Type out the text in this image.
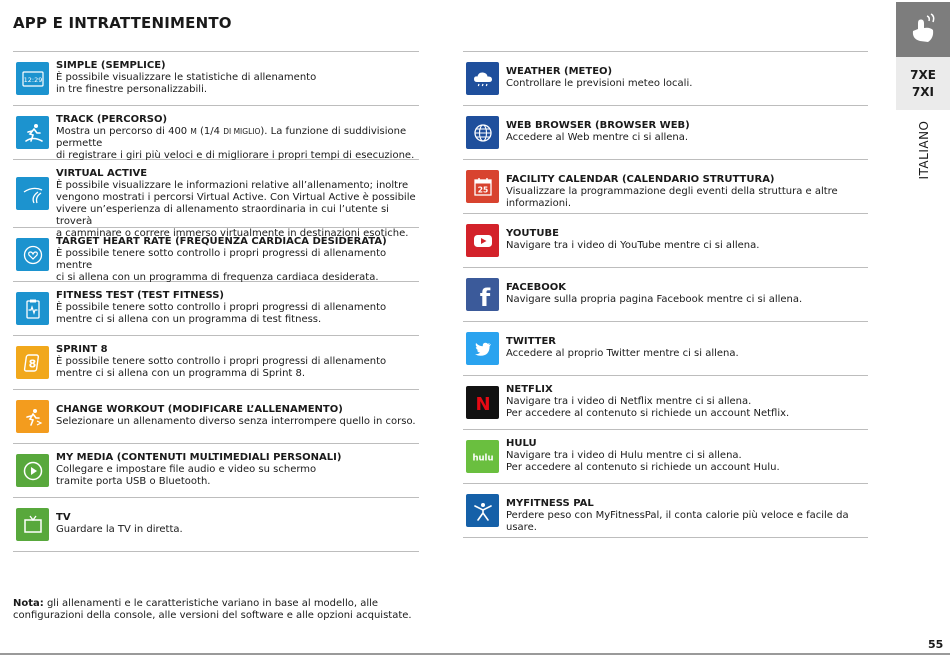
APP E INTRATTENIMENTO
12:29
SIMPLE (SEMPLICE)
È possibile visualizzare le statistiche di allenamento
in tre finestre personalizzabili.
TRACK (PERCORSO)
Mostra un percorso di 400 M (1/4 DI MIGLIO). La funzione di suddivisione permette
di registrare i giri più veloci e di migliorare i propri tempi di esecuzione.
VIRTUAL ACTIVE
È possibile visualizzare le informazioni relative all’allenamento; inoltre
vengono mostrati i percorsi Virtual Active. Con Virtual Active è possibile
vivere un’esperienza di allenamento straordinaria in cui l’utente si troverà
a camminare o correre immerso virtualmente in destinazioni esotiche.
TARGET HEART RATE (FREQUENZA CARDIACA DESIDERATA)
È possibile tenere sotto controllo i propri progressi di allenamento mentre
ci si allena con un programma di frequenza cardiaca desiderata.
FITNESS TEST (TEST FITNESS)
È possibile tenere sotto controllo i propri progressi di allenamento
mentre ci si allena con un programma di test fitness.
8
SPRINT 8
È possibile tenere sotto controllo i propri progressi di allenamento
mentre ci si allena con un programma di Sprint 8.
CHANGE WORKOUT (MODIFICARE L’ALLENAMENTO)
Selezionare un allenamento diverso senza interrompere quello in corso.
MY MEDIA (CONTENUTI MULTIMEDIALI PERSONALI)
Collegare e impostare file audio e video su schermo
tramite porta USB o Bluetooth.
TV
Guardare la TV in diretta.
WEATHER (METEO)
Controllare le previsioni meteo locali.
WEB BROWSER (BROWSER WEB)
Accedere al Web mentre ci si allena.
25
FACILITY CALENDAR (CALENDARIO STRUTTURA)
Visualizzare la programmazione degli eventi della struttura e altre informazioni.
YOUTUBE
Navigare tra i video di YouTube mentre ci si allena.
f FACEBOOK
Navigare sulla propria pagina Facebook mentre ci si allena.
TWITTER
Accedere al proprio Twitter mentre ci si allena.
N
NETFLIX
Navigare tra i video di Netflix mentre ci si allena.
Per accedere al contenuto si richiede un account Netflix.
hulu
HULU
Navigare tra i video di Hulu mentre ci si allena.
Per accedere al contenuto si richiede un account Hulu.
MYFITNESS PAL
Perdere peso con MyFitnessPal, il conta calorie più veloce e facile da usare.
Nota: gli allenamenti e le caratteristiche variano in base al modello, alle configurazioni della console, alle versioni del software e alle opzioni acquistate.
7XE
7XI
ITALIANO
55
